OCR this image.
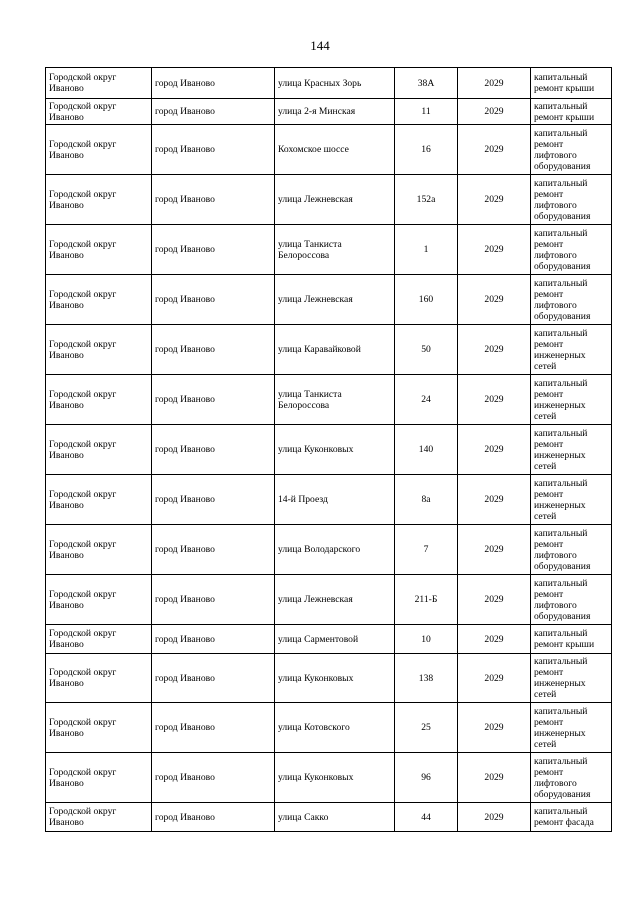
144
Городской округ Иваново	город Иваново	улица Красных Зорь	38А	2029	капитальный ремонт крыши
Городской округ Иваново	город Иваново	улица 2-я Минская	11	2029	капитальный ремонт крыши
Городской округ Иваново	город Иваново	Кохомское шоссе	16	2029	капитальный ремонт лифтового оборудования
Городской округ Иваново	город Иваново	улица Лежневская	152а	2029	капитальный ремонт лифтового оборудования
Городской округ Иваново	город Иваново	улица Танкиста Белороссова	1	2029	капитальный ремонт лифтового оборудования
Городской округ Иваново	город Иваново	улица Лежневская	160	2029	капитальный ремонт лифтового оборудования
Городской округ Иваново	город Иваново	улица Каравайковой	50	2029	капитальный ремонт инженерных сетей
Городской округ Иваново	город Иваново	улица Танкиста Белороссова	24	2029	капитальный ремонт инженерных сетей
Городской округ Иваново	город Иваново	улица Куконковых	140	2029	капитальный ремонт инженерных сетей
Городской округ Иваново	город Иваново	14-й Проезд	8а	2029	капитальный ремонт инженерных сетей
Городской округ Иваново	город Иваново	улица Володарского	7	2029	капитальный ремонт лифтового оборудования
Городской округ Иваново	город Иваново	улица Лежневская	211-Б	2029	капитальный ремонт лифтового оборудования
Городской округ Иваново	город Иваново	улица Сарментовой	10	2029	капитальный ремонт крыши
Городской округ Иваново	город Иваново	улица Куконковых	138	2029	капитальный ремонт инженерных сетей
Городской округ Иваново	город Иваново	улица Котовского	25	2029	капитальный ремонт инженерных сетей
Городской округ Иваново	город Иваново	улица Куконковых	96	2029	капитальный ремонт лифтового оборудования
Городской округ Иваново	город Иваново	улица Сакко	44	2029	капитальный ремонт фасада
